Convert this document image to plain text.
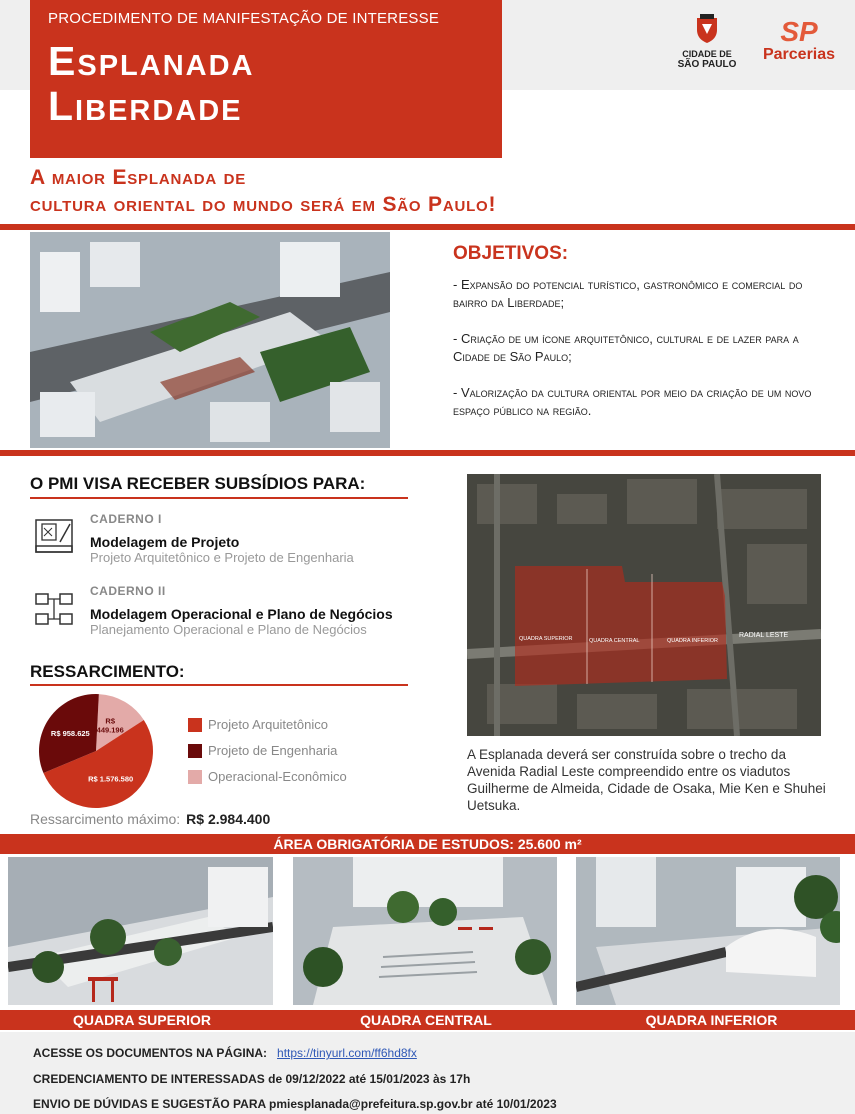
PROCEDIMENTO DE MANIFESTAÇÃO DE INTERESSE
Esplanada
Liberdade
CIDADE DE
SÃO PAULO
SP
Parcerias
A maior Esplanada de
cultura oriental do mundo será em São Paulo!
OBJETIVOS:

- Expansão do potencial turístico, gastronômico e comercial do bairro da Liberdade;

- Criação de um ícone arquitetônico, cultural e de lazer para a Cidade de São Paulo;

- Valorização da cultura oriental por meio da criação de um novo espaço público na região.

O PMI VISA RECEBER SUBSÍDIOS PARA:
CADERNO I
Modelagem de Projeto
Projeto Arquitetônico e Projeto de Engenharia
CADERNO II
Modelagem Operacional e Plano de Negócios
Planejamento Operacional e Plano de Negócios
RESSARCIMENTO:
R$
449.196
R$ 1.576.580
R$ 958.625
Projeto Arquitetônico
Projeto de Engenharia
Operacional-Econômico
Ressarcimento máximo: R$ 2.984.400
QUADRA SUPERIOR	QUADRA CENTRAL	QUADRA INFERIOR
RADIAL LESTE
A Esplanada deverá ser construída sobre o trecho da Avenida Radial Leste compreendido entre os viadutos Guilherme de Almeida, Cidade de Osaka, Mie Ken e Shuhei Uetsuka.
ÁREA OBRIGATÓRIA DE ESTUDOS: 25.600 m²
QUADRA SUPERIOR	QUADRA CENTRAL	QUADRA INFERIOR
ACESSE OS DOCUMENTOS NA PÁGINA: https://tinyurl.com/ff6hd8fx
CREDENCIAMENTO DE INTERESSADAS de 09/12/2022 até 15/01/2023 às 17h
ENVIO DE DÚVIDAS E SUGESTÃO PARA pmiesplanada@prefeitura.sp.gov.br até 10/01/2023
